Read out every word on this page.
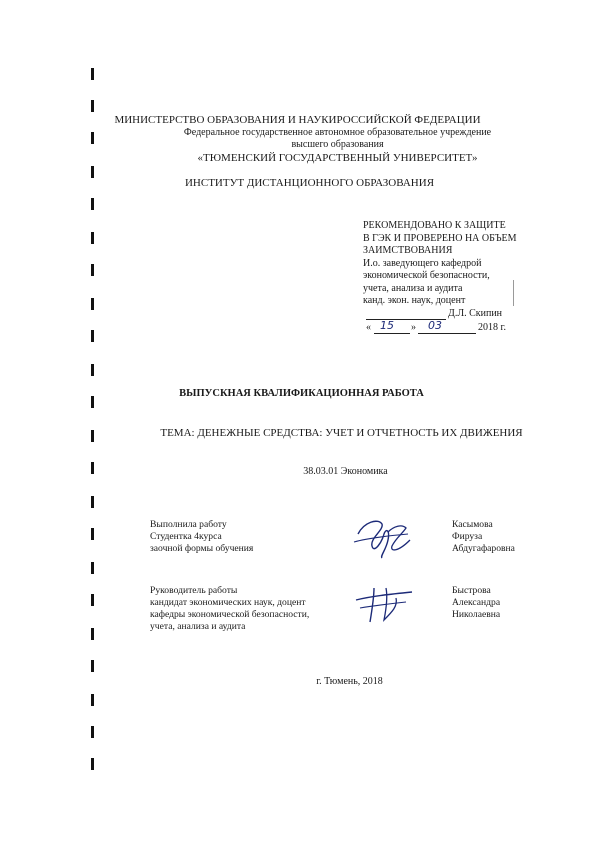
МИНИСТЕРСТВО ОБРАЗОВАНИЯ И НАУКИРОССИЙСКОЙ ФЕДЕРАЦИИ
Федеральное государственное автономное образовательное учреждение
высшего образования
«ТЮМЕНСКИЙ ГОСУДАРСТВЕННЫЙ УНИВЕРСИТЕТ»
ИНСТИТУТ ДИСТАНЦИОННОГО ОБРАЗОВАНИЯ
РЕКОМЕНДОВАНО К ЗАЩИТЕ
В ГЭК И ПРОВЕРЕНО НА ОБЪЕМ
ЗАИМСТВОВАНИЯ
И.о. заведующего кафедрой
экономической безопасности,
учета, анализа и аудита
канд. экон. наук, доцент
Д.Л. Скипин
« 15 » 03	2018 г.
ВЫПУСКНАЯ КВАЛИФИКАЦИОННАЯ РАБОТА
ТЕМА: ДЕНЕЖНЫЕ СРЕДСТВА: УЧЕТ И ОТЧЕТНОСТЬ ИХ ДВИЖЕНИЯ
38.03.01 Экономика
Выполнила работу
Студентка 4курса
заочной формы обучения
Касымова
Фируза
Абдугафаровна
Руководитель работы
кандидат экономических наук, доцент
кафедры экономической безопасности,
учета, анализа и аудита
Быстрова
Александра
Николаевна
г. Тюмень, 2018
